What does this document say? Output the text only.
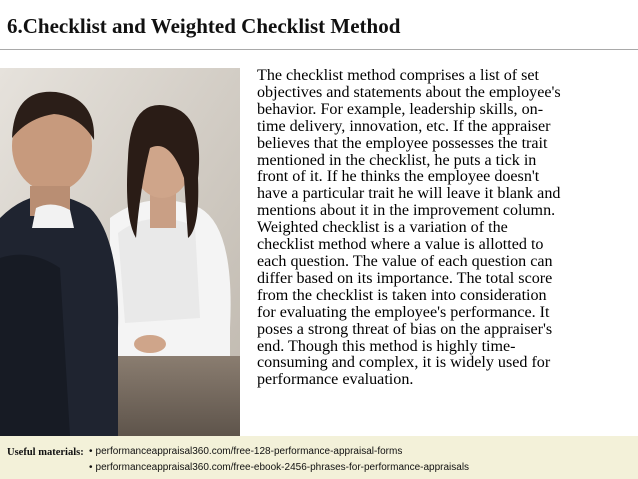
6.Checklist and Weighted Checklist Method
The checklist method comprises a list of set
objectives and statements about the employee's
behavior. For example, leadership skills, on-
time delivery, innovation, etc. If the appraiser
believes that the employee possesses the trait
mentioned in the checklist, he puts a tick in
front of it. If he thinks the employee doesn't
have a particular trait he will leave it blank and
mentions about it in the improvement column.
Weighted checklist is a variation of the
checklist method where a value is allotted to
each question. The value of each question can
differ based on its importance. The total score
from the checklist is taken into consideration
for evaluating the employee's performance. It
poses a strong threat of bias on the appraiser's
end. Though this method is highly time-
consuming and complex, it is widely used for
performance evaluation.
Useful materials: • performanceappraisal360.com/free-128-performance-appraisal-forms
• performanceappraisal360.com/free-ebook-2456-phrases-for-performance-appraisals
